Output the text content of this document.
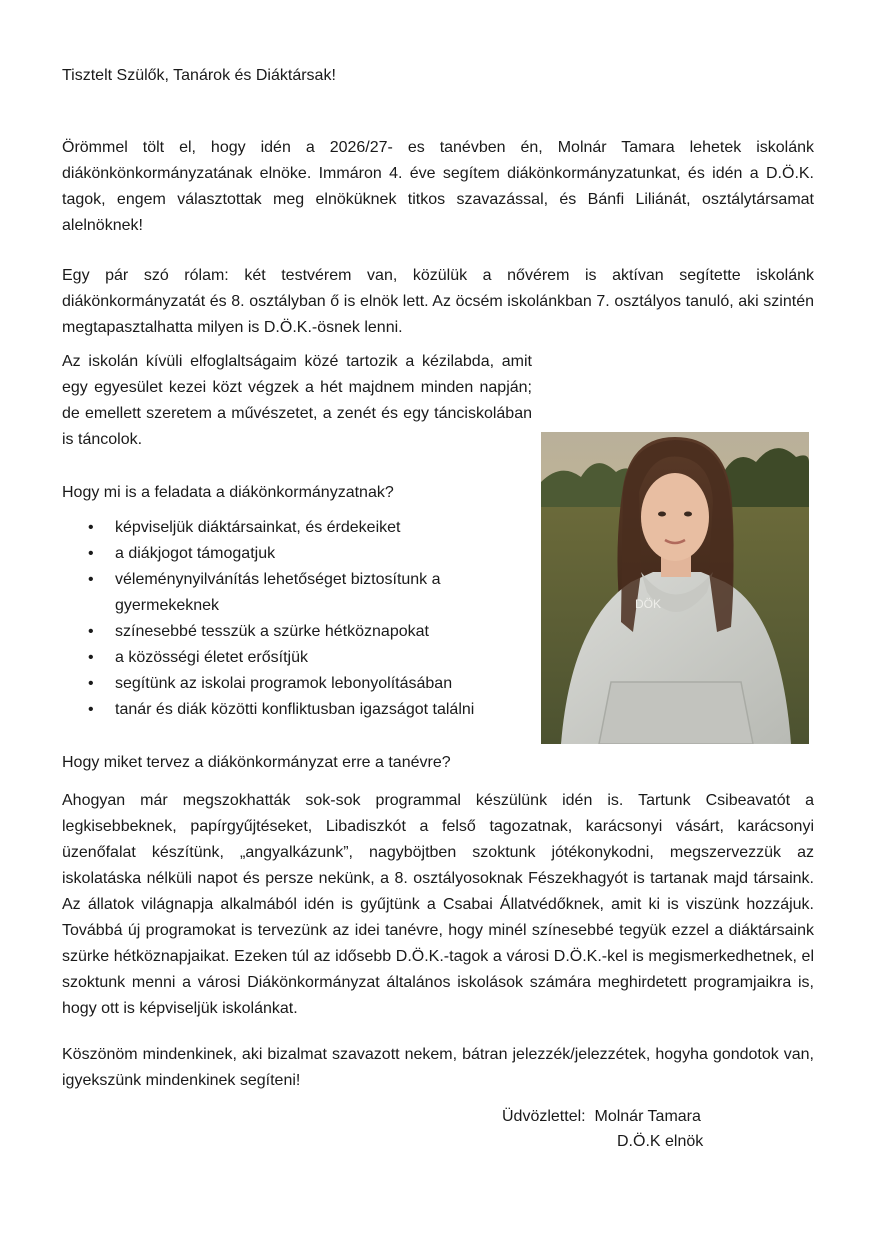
Tisztelt Szülők, Tanárok és Diáktársak!
Örömmel tölt el, hogy idén a 2026/27- es tanévben én, Molnár Tamara lehetek iskolánk diákönkönkormányzatának elnöke. Immáron 4. éve segítem diákönkormányzatunkat, és idén a D.Ö.K. tagok, engem választottak meg elnöküknek titkos szavazással, és Bánfi Liliánát, osztálytársamat alelnöknek!
Egy pár szó rólam: két testvérem van, közülük a nővérem is aktívan segítette iskolánk diákönkormányzatát és 8. osztályban ő is elnök lett. Az öcsém iskolánkban 7. osztályos tanuló, aki szintén megtapasztalhatta milyen is D.Ö.K.-ösnek lenni.
Az iskolán kívüli elfoglaltságaim közé tartozik a kézilabda, amit egy egyesület kezei közt végzek a hét majdnem minden napján; de emellett szeretem a művészetet, a zenét és egy tánciskolában is táncolok.
Hogy mi is a feladata a diákönkormányzatnak?
• képviseljük diáktársainkat, és érdekeiket
• a diákjogot támogatjuk
• véleménynyilvánítás lehetőséget biztosítunk a gyermekeknek
• színesebbé tesszük a szürke hétköznapokat
• a közösségi életet erősítjük
• segítünk az iskolai programok lebonyolításában
• tanár és diák közötti konfliktusban igazságot találni
DÖK
Hogy miket tervez a diákönkormányzat erre a tanévre?
Ahogyan már megszokhatták sok-sok programmal készülünk idén is. Tartunk Csibeavatót a legkisebbeknek, papírgyűjtéseket, Libadiszkót a felső tagozatnak, karácsonyi vásárt, karácsonyi üzenőfalat készítünk, „angyalkázunk”, nagyböjtben szoktunk jótékonykodni, megszervezzük az iskolatáska nélküli napot és persze nekünk, a 8. osztályosoknak Fészekhagyót is tartanak majd társaink. Az állatok világnapja alkalmából idén is gyűjtünk a Csabai Állatvédőknek, amit ki is viszünk hozzájuk. Továbbá új programokat is tervezünk az idei tanévre, hogy minél színesebbé tegyük ezzel a diáktársaink szürke hétköznapjaikat. Ezeken túl az idősebb D.Ö.K.-tagok a városi D.Ö.K.-kel is megismerkedhetnek, el szoktunk menni a városi Diákönkormányzat általános iskolások számára meghirdetett programjaikra is, hogy ott is képviseljük iskolánkat.
Köszönöm mindenkinek, aki bizalmat szavazott nekem, bátran jelezzék/jelezzétek, hogyha gondotok van, igyekszünk mindenkinek segíteni!
Üdvözlettel:  Molnár Tamara
D.Ö.K elnök
